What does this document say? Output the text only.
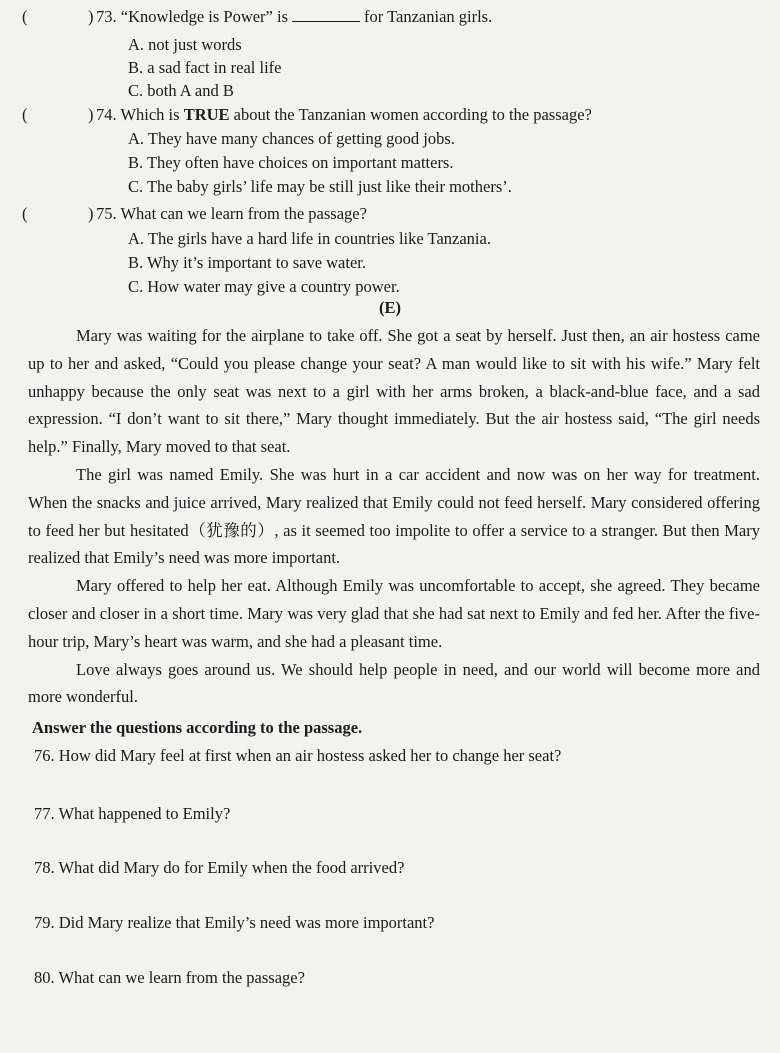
(	) 73. “Knowledge is Power” is	for Tanzanian girls.
A. not just words
B. a sad fact in real life
C. both A and B
(	) 74. Which is TRUE about the Tanzanian women according to the passage?
A. They have many chances of getting good jobs.
B. They often have choices on important matters.
C. The baby girls’ life may be still just like their mothers’.
(	) 75. What can we learn from the passage?
A. The girls have a hard life in countries like Tanzania.
B. Why it’s important to save water.
C. How water may give a country power.
(E)

Mary was waiting for the airplane to take off. She got a seat by herself. Just then, an air hostess came up to her and asked, “Could you please change your seat? A man would like to sit with his wife.” Mary felt unhappy because the only seat was next to a girl with her arms broken, a black-and-blue face, and a sad expression. “I don’t want to sit there,” Mary thought immediately. But the air hostess said, “The girl needs help.” Finally, Mary moved to that seat.

The girl was named Emily. She was hurt in a car accident and now was on her way for treatment. When the snacks and juice arrived, Mary realized that Emily could not feed herself. Mary considered offering to feed her but hesitated（犹豫的）, as it seemed too impolite to offer a service to a stranger. But then Mary realized that Emily’s need was more important.

Mary offered to help her eat. Although Emily was uncomfortable to accept, she agreed. They became closer and closer in a short time. Mary was very glad that she had sat next to Emily and fed her. After the five-hour trip, Mary’s heart was warm, and she had a pleasant time.

Love always goes around us. We should help people in need, and our world will become more and more wonderful.

Answer the questions according to the passage.
76. How did Mary feel at first when an air hostess asked her to change her seat?
77. What happened to Emily?
78. What did Mary do for Emily when the food arrived?
79. Did Mary realize that Emily’s need was more important?
80. What can we learn from the passage?
